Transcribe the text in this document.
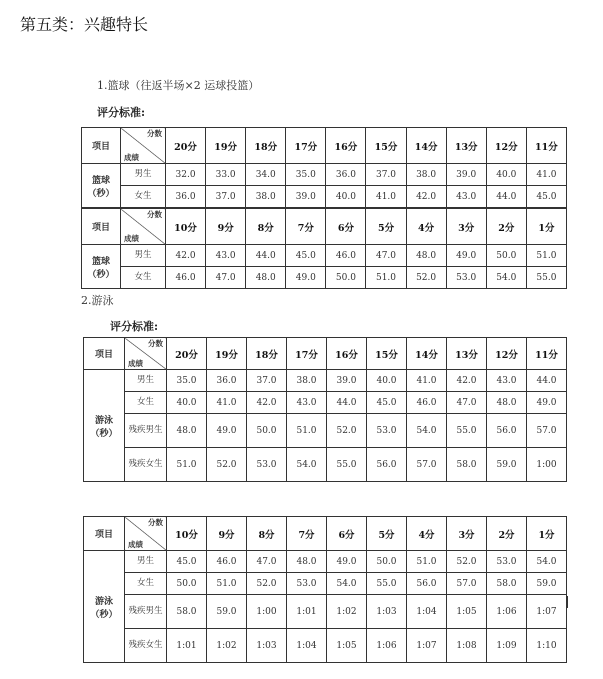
第五类：兴趣特长
1.篮球（往返半场×2 运球投篮）
评分标准:
项目	分数
成绩	20分	19分	18分	17分	16分	15分	14分	13分	12分	11分
篮球（秒）	男生	32.0	33.0	34.0	35.0	36.0	37.0	38.0	39.0	40.0	41.0
	女生	36.0	37.0	38.0	39.0	40.0	41.0	42.0	43.0	44.0	45.0
项目	分数
成绩	10分	9分	8分	7分	6分	5分	4分	3分	2分	1分
篮球（秒）	男生	42.0	43.0	44.0	45.0	46.0	47.0	48.0	49.0	50.0	51.0
	女生	46.0	47.0	48.0	49.0	50.0	51.0	52.0	53.0	54.0	55.0
2.游泳
评分标准:
项目	分数
成绩	20分	19分	18分	17分	16分	15分	14分	13分	12分	11分
游泳（秒）	男生	35.0	36.0	37.0	38.0	39.0	40.0	41.0	42.0	43.0	44.0
	女生	40.0	41.0	42.0	43.0	44.0	45.0	46.0	47.0	48.0	49.0
	残疾男生	48.0	49.0	50.0	51.0	52.0	53.0	54.0	55.0	56.0	57.0
	残疾女生	51.0	52.0	53.0	54.0	55.0	56.0	57.0	58.0	59.0	1:00
项目	分数
成绩	10分	9分	8分	7分	6分	5分	4分	3分	2分	1分
游泳（秒）	男生	45.0	46.0	47.0	48.0	49.0	50.0	51.0	52.0	53.0	54.0
	女生	50.0	51.0	52.0	53.0	54.0	55.0	56.0	57.0	58.0	59.0
	残疾男生	58.0	59.0	1:00	1:01	1:02	1:03	1:04	1:05	1:06	1:07
	残疾女生	1:01	1:02	1:03	1:04	1:05	1:06	1:07	1:08	1:09	1:10
